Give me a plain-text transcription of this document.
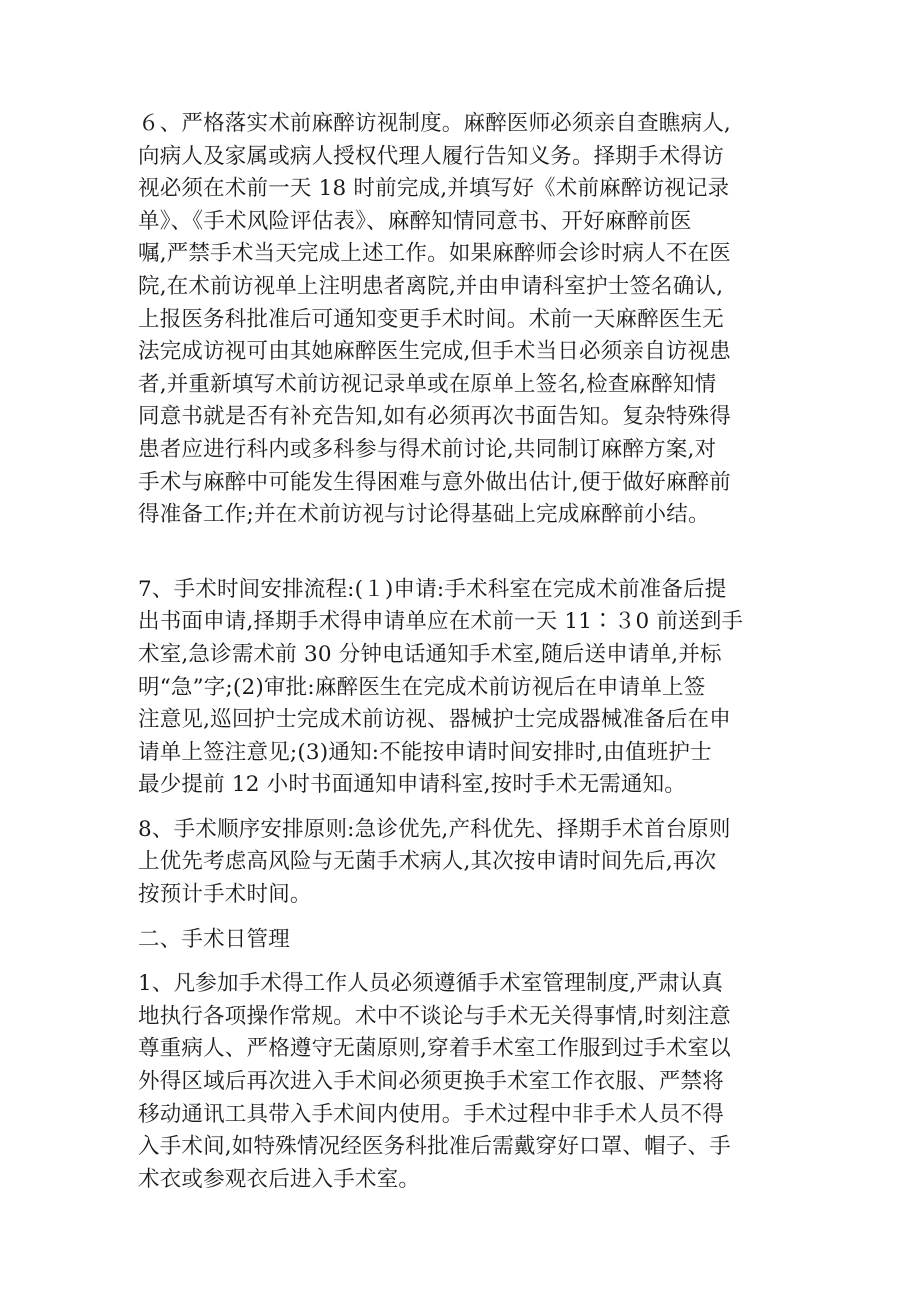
６、严格落实术前麻醉访视制度。麻醉医师必须亲自查瞧病人,
向病人及家属或病人授权代理人履行告知义务。择期手术得访
视必须在术前一天 18 时前完成,并填写好《术前麻醉访视记录
单》、《手术风险评估表》、麻醉知情同意书、开好麻醉前医
嘱,严禁手术当天完成上述工作。如果麻醉师会诊时病人不在医
院,在术前访视单上注明患者离院,并由申请科室护士签名确认,
上报医务科批准后可通知变更手术时间。术前一天麻醉医生无
法完成访视可由其她麻醉医生完成,但手术当日必须亲自访视患
者,并重新填写术前访视记录单或在原单上签名,检查麻醉知情
同意书就是否有补充告知,如有必须再次书面告知。复杂特殊得
患者应进行科内或多科参与得术前讨论,共同制订麻醉方案,对
手术与麻醉中可能发生得困难与意外做出估计,便于做好麻醉前
得准备工作;并在术前访视与讨论得基础上完成麻醉前小结。

7、手术时间安排流程:(１)申请:手术科室在完成术前准备后提
出书面申请,择期手术得申请单应在术前一天 11∶３0 前送到手
术室,急诊需术前 30 分钟电话通知手术室,随后送申请单,并标
明“急”字;(2)审批:麻醉医生在完成术前访视后在申请单上签
注意见,巡回护士完成术前访视、器械护士完成器械准备后在申
请单上签注意见;(3)通知:不能按申请时间安排时,由值班护士
最少提前 12 小时书面通知申请科室,按时手术无需通知。

8、手术顺序安排原则:急诊优先,产科优先、择期手术首台原则
上优先考虑高风险与无菌手术病人,其次按申请时间先后,再次
按预计手术时间。

二、手术日管理

1、凡参加手术得工作人员必须遵循手术室管理制度,严肃认真
地执行各项操作常规。术中不谈论与手术无关得事情,时刻注意
尊重病人、严格遵守无菌原则,穿着手术室工作服到过手术室以
外得区域后再次进入手术间必须更换手术室工作衣服、严禁将
移动通讯工具带入手术间内使用。手术过程中非手术人员不得
入手术间,如特殊情况经医务科批准后需戴穿好口罩、帽子、手
术衣或参观衣后进入手术室。
